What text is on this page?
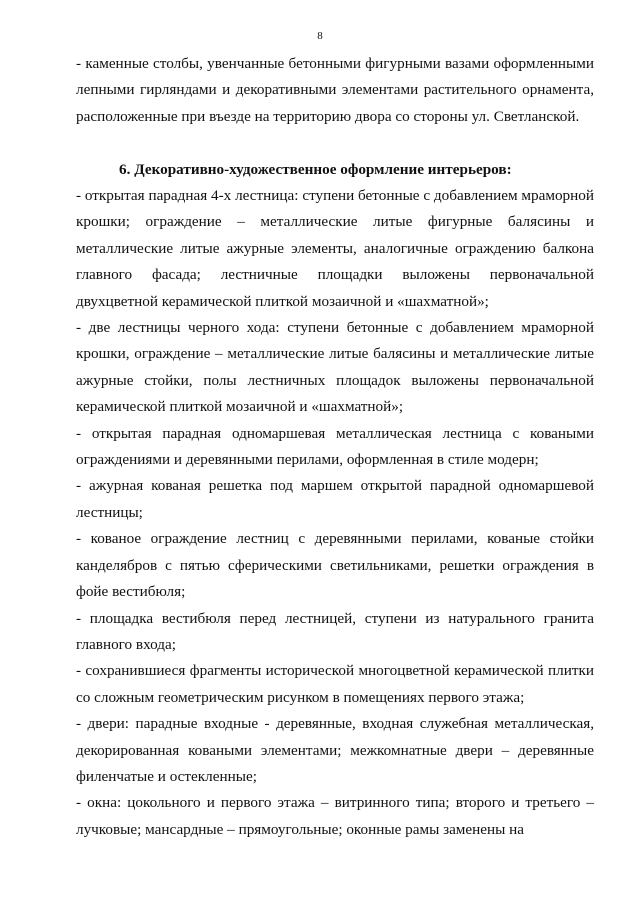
8

- каменные столбы, увенчанные бетонными фигурными вазами оформленными лепными гирляндами и декоративными элементами растительного орнамента, расположенные при въезде на территорию двора со стороны ул. Светланской.

6. Декоративно-художественное оформление интерьеров:

- открытая парадная 4-х лестница: ступени бетонные с добавлением мраморной крошки; ограждение – металлические литые фигурные балясины и металлические литые ажурные элементы, аналогичные ограждению балкона главного фасада; лестничные площадки выложены первоначальной двухцветной керамической плиткой мозаичной и «шахматной»;

- две лестницы черного хода: ступени бетонные с добавлением мраморной крошки, ограждение – металлические литые балясины и металлические литые ажурные стойки, полы лестничных площадок выложены первоначальной керамической плиткой мозаичной и «шахматной»;

- открытая парадная одномаршевая металлическая лестница с коваными ограждениями и деревянными перилами, оформленная в стиле модерн;

- ажурная кованая решетка под маршем открытой парадной одномаршевой лестницы;

- кованое ограждение лестниц с деревянными перилами, кованые стойки канделябров с пятью сферическими светильниками, решетки ограждения в фойе вестибюля;

- площадка вестибюля перед лестницей, ступени из натурального гранита главного входа;

- сохранившиеся фрагменты исторической многоцветной керамической плитки со сложным геометрическим рисунком в помещениях первого этажа;

- двери: парадные входные - деревянные, входная служебная металлическая, декорированная коваными элементами; межкомнатные двери – деревянные филенчатые и остекленные;

- окна: цокольного и первого этажа – витринного типа; второго и третьего – лучковые; мансардные – прямоугольные; оконные рамы заменены на
